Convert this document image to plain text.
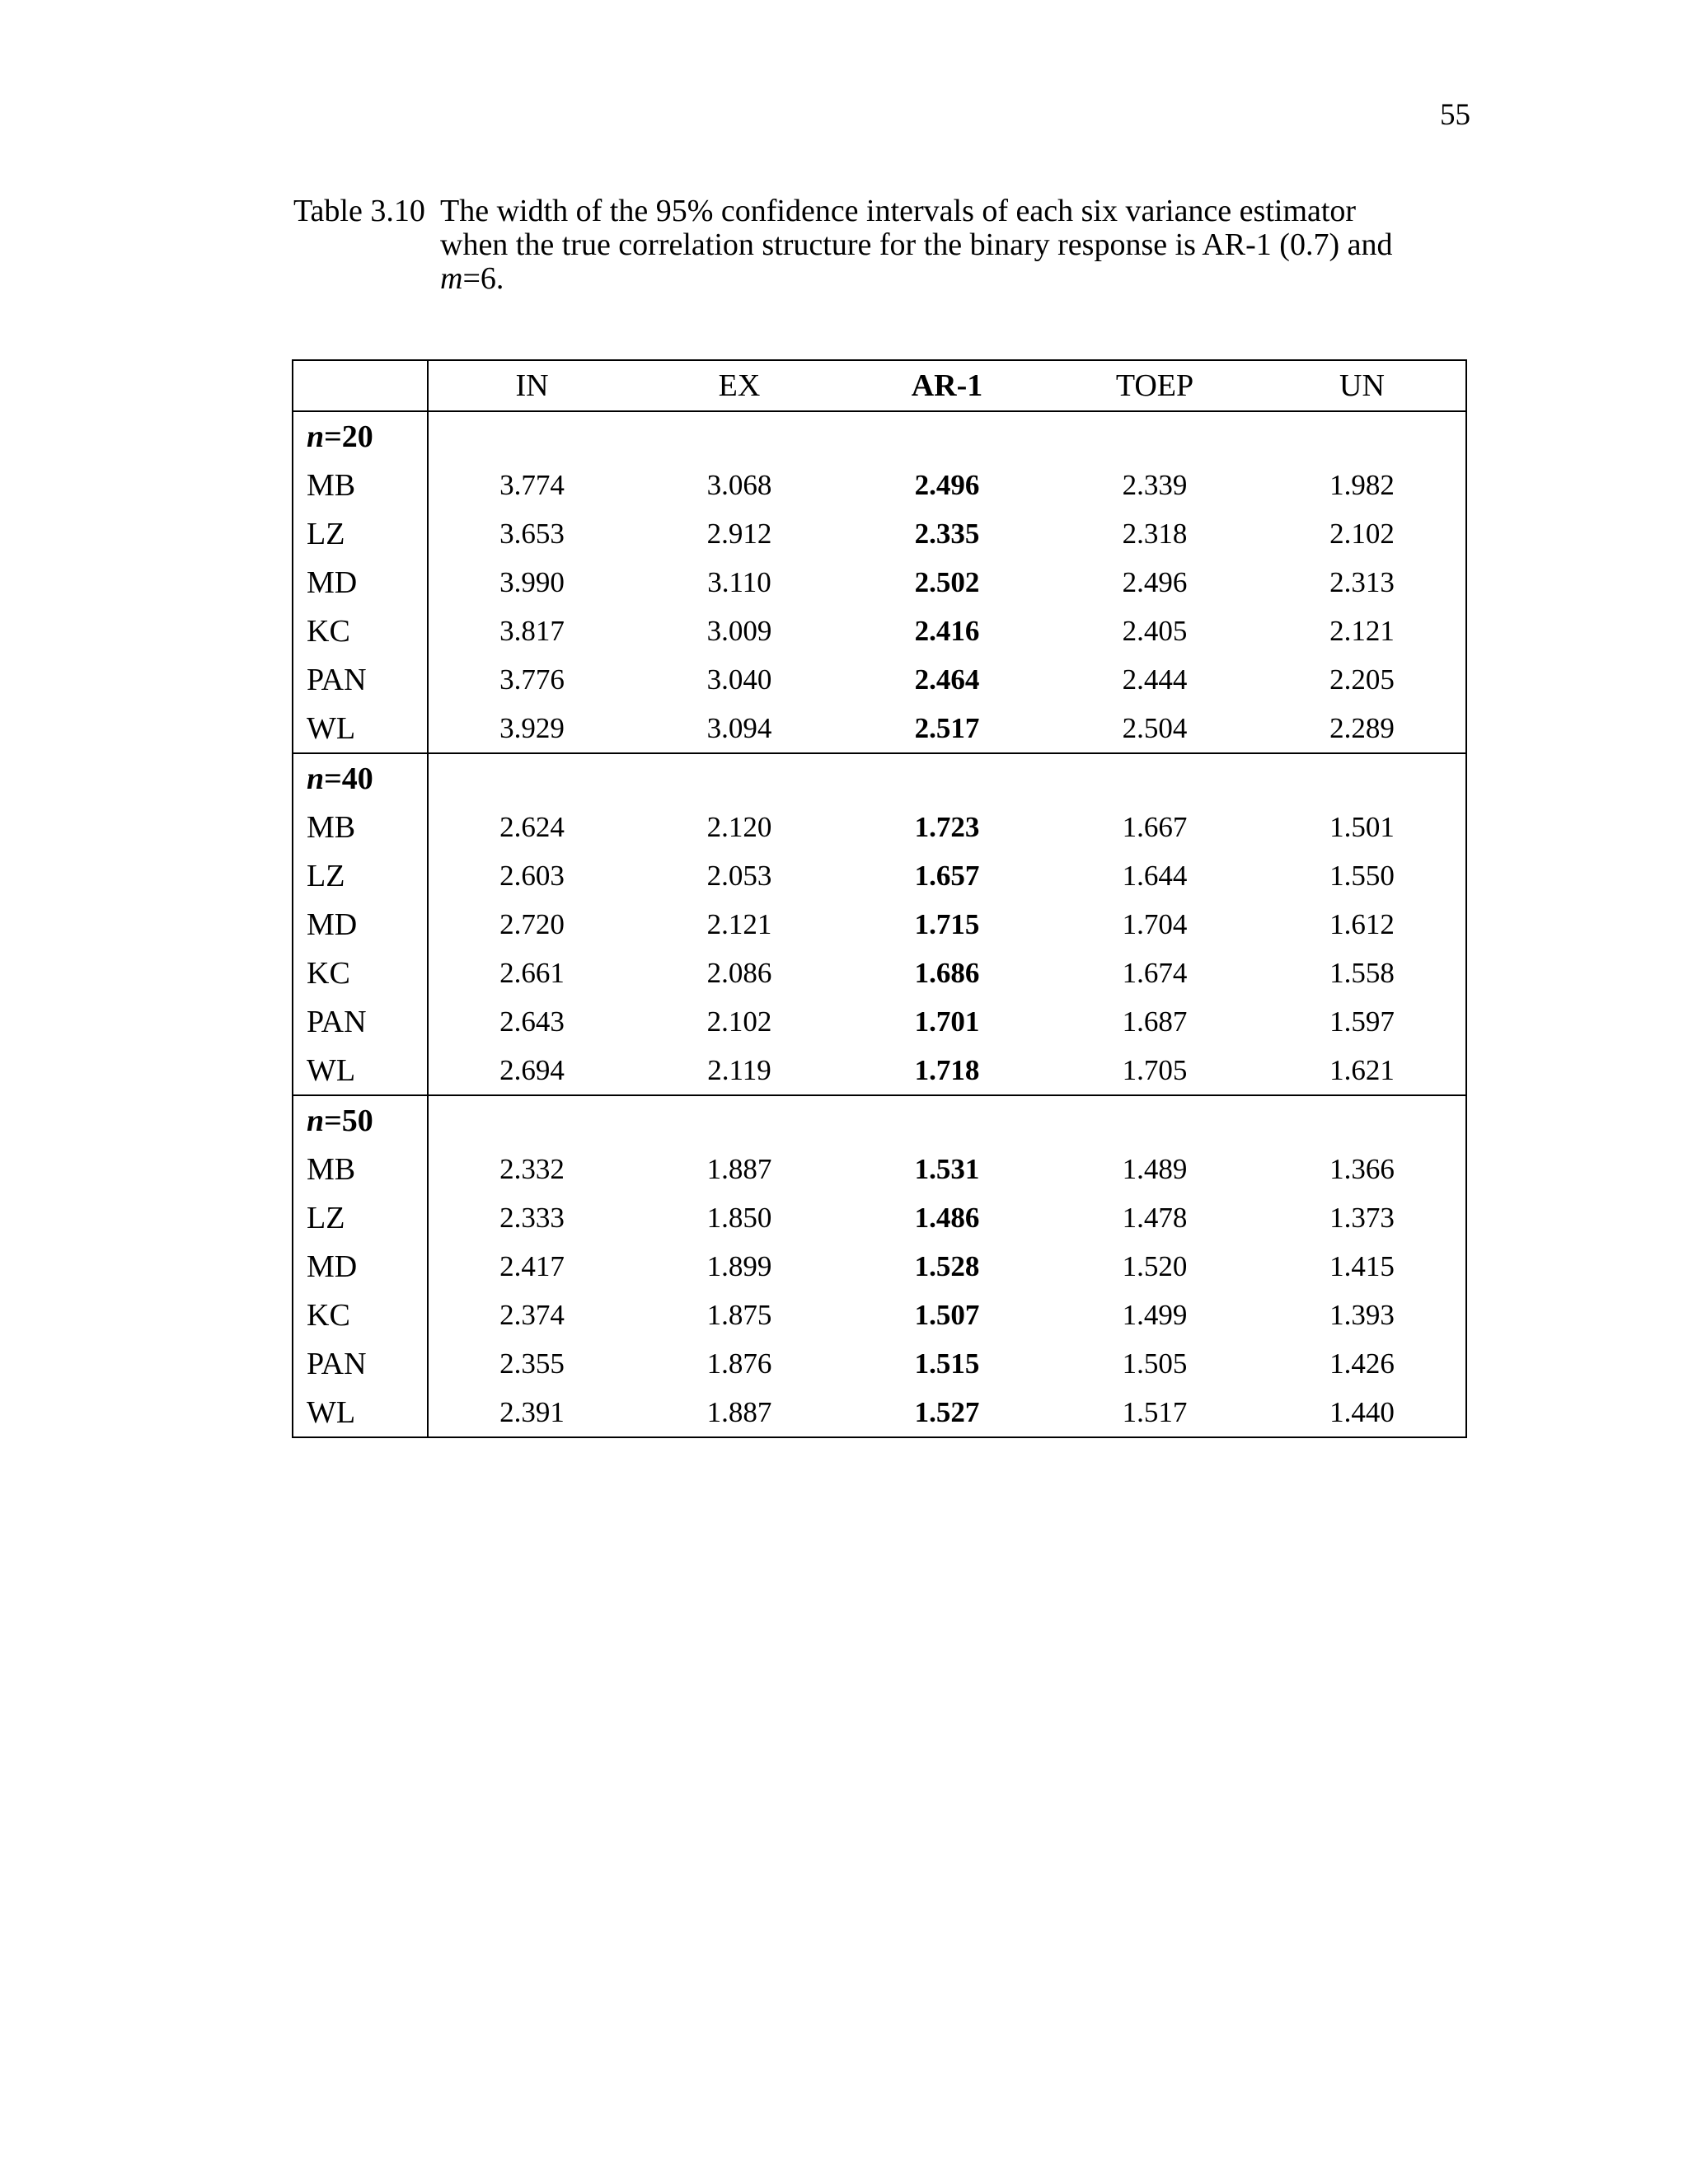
55
Table 3.10 The width of the 95% confidence intervals of each six variance estimator
when the true correlation structure for the binary response is AR-1 (0.7) and
m=6.
	IN	EX	AR-1	TOEP	UN
n=20					
MB	3.774	3.068	2.496	2.339	1.982
LZ	3.653	2.912	2.335	2.318	2.102
MD	3.990	3.110	2.502	2.496	2.313
KC	3.817	3.009	2.416	2.405	2.121
PAN	3.776	3.040	2.464	2.444	2.205
WL	3.929	3.094	2.517	2.504	2.289
n=40					
MB	2.624	2.120	1.723	1.667	1.501
LZ	2.603	2.053	1.657	1.644	1.550
MD	2.720	2.121	1.715	1.704	1.612
KC	2.661	2.086	1.686	1.674	1.558
PAN	2.643	2.102	1.701	1.687	1.597
WL	2.694	2.119	1.718	1.705	1.621
n=50					
MB	2.332	1.887	1.531	1.489	1.366
LZ	2.333	1.850	1.486	1.478	1.373
MD	2.417	1.899	1.528	1.520	1.415
KC	2.374	1.875	1.507	1.499	1.393
PAN	2.355	1.876	1.515	1.505	1.426
WL	2.391	1.887	1.527	1.517	1.440
